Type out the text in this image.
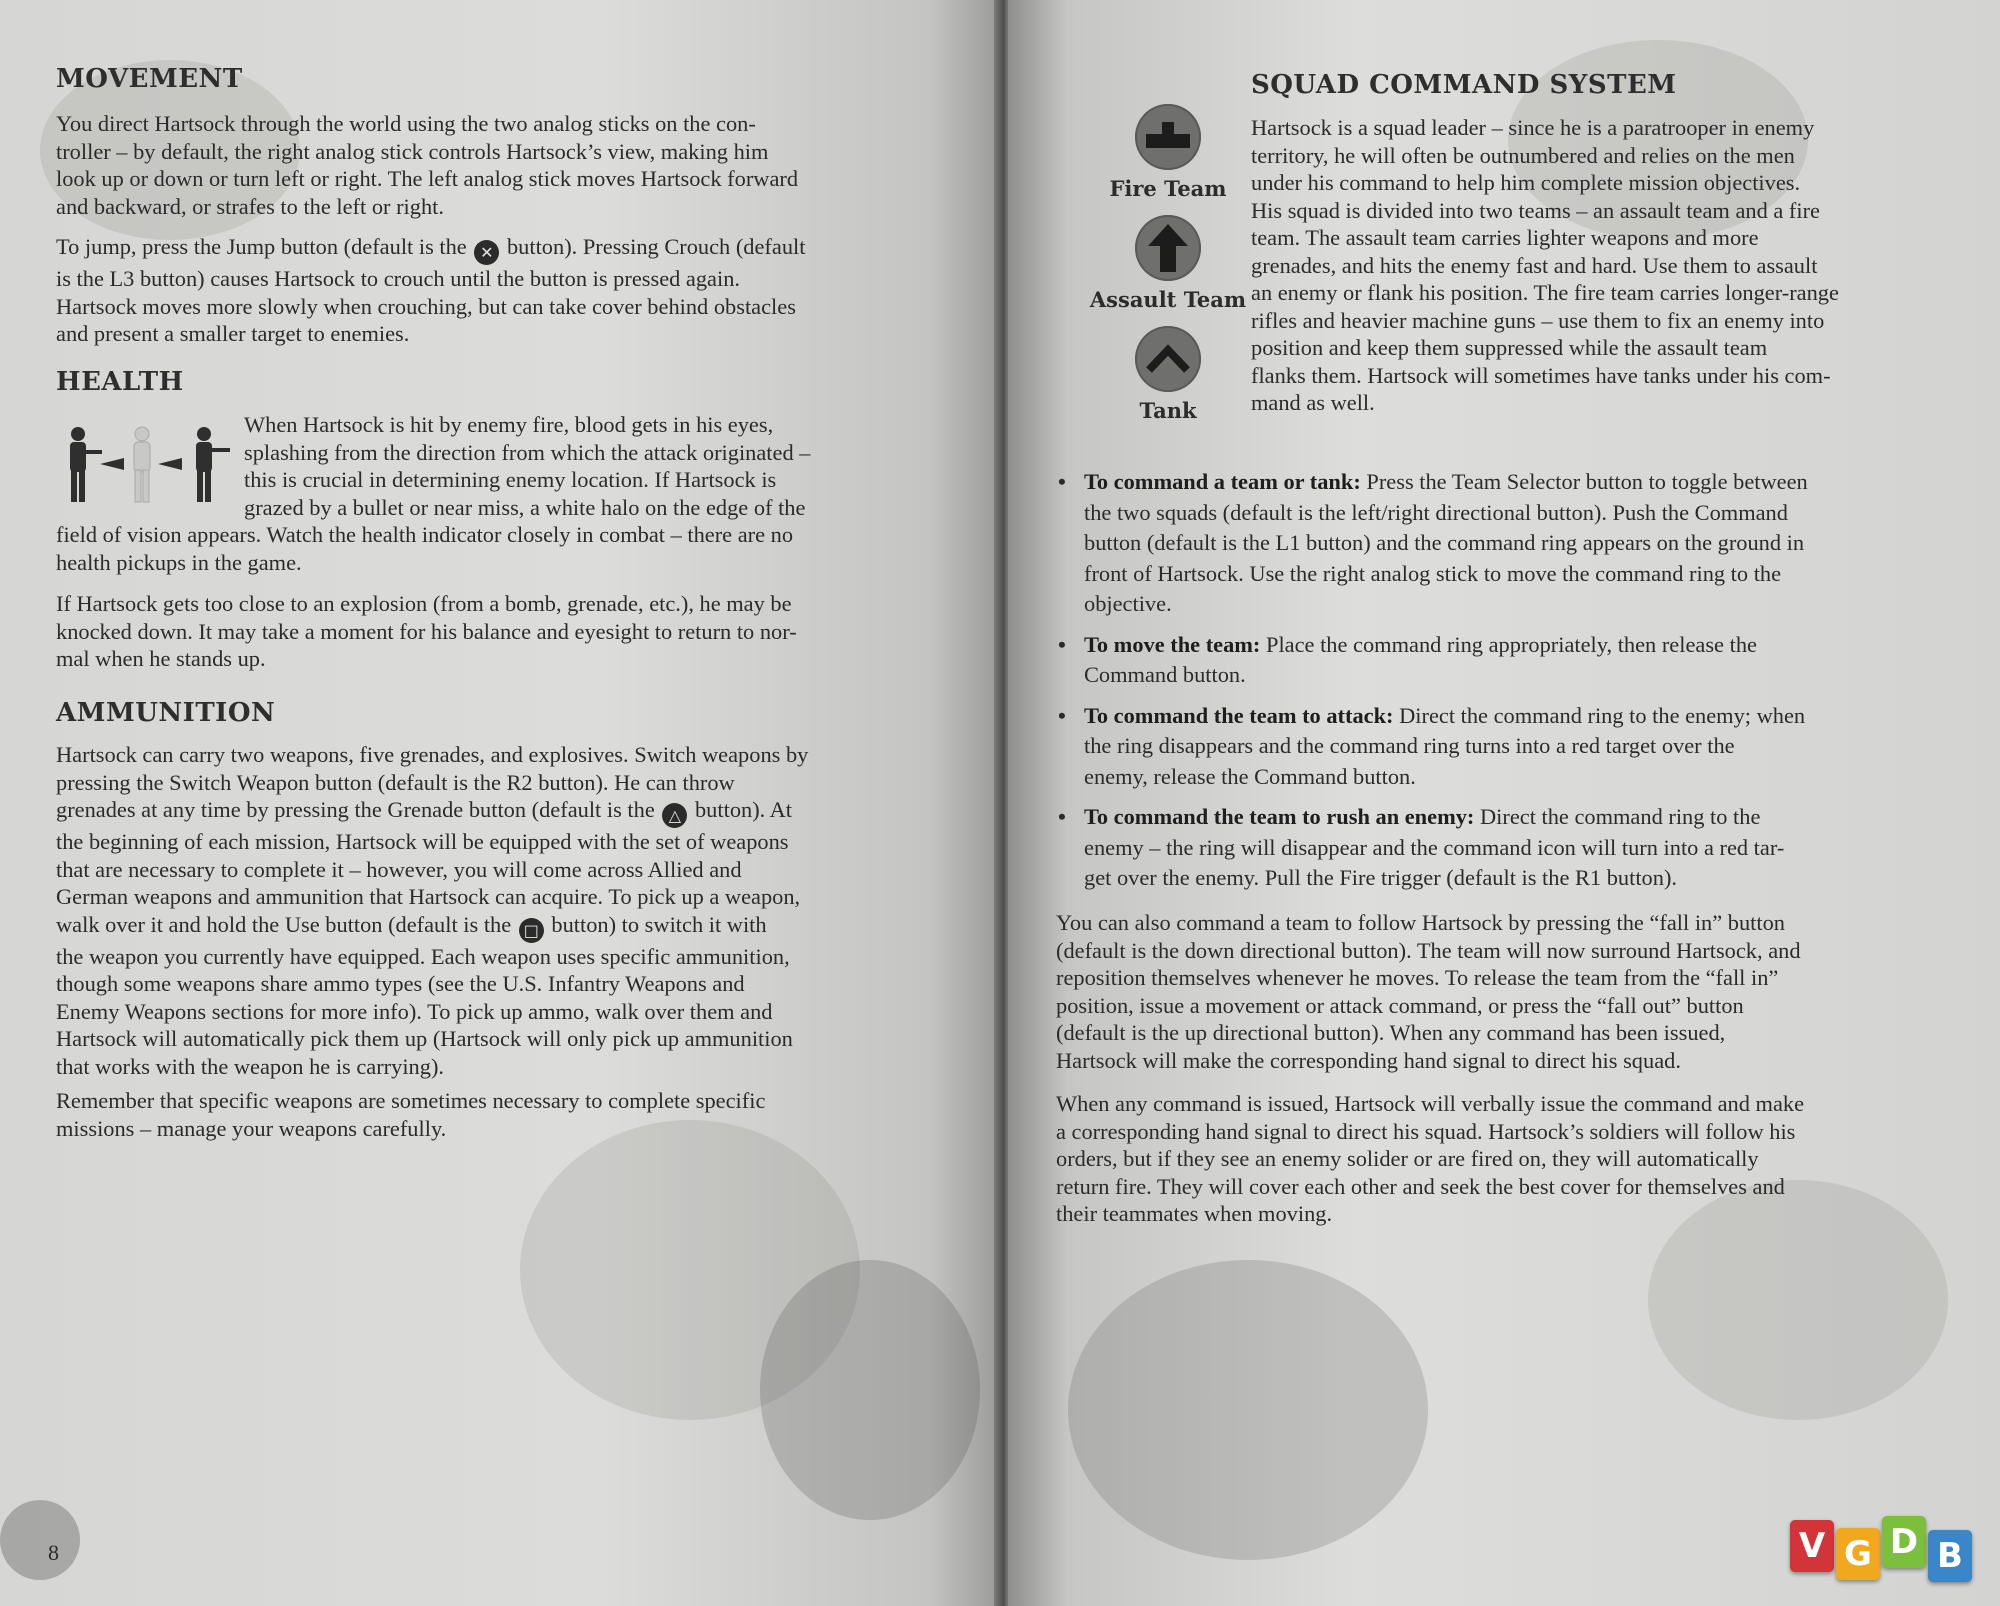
MOVEMENT

You direct Hartsock through the world using the two analog sticks on the con-
troller – by default, the right analog stick controls Hartsock’s view, making him
look up or down or turn left or right. The left analog stick moves Hartsock forward
and backward, or strafes to the left or right.

To jump, press the Jump button (default is the ✕ button). Pressing Crouch (default
is the L3 button) causes Hartsock to crouch until the button is pressed again.
Hartsock moves more slowly when crouching, but can take cover behind obstacles
and present a smaller target to enemies.

HEALTH

When Hartsock is hit by enemy fire, blood gets in his eyes,
splashing from the direction from which the attack originated –
this is crucial in determining enemy location. If Hartsock is
grazed by a bullet or near miss, a white halo on the edge of the

field of vision appears. Watch the health indicator closely in combat – there are no
health pickups in the game.

If Hartsock gets too close to an explosion (from a bomb, grenade, etc.), he may be
knocked down. It may take a moment for his balance and eyesight to return to nor-
mal when he stands up.

AMMUNITION

Hartsock can carry two weapons, five grenades, and explosives. Switch weapons by
pressing the Switch Weapon button (default is the R2 button). He can throw
grenades at any time by pressing the Grenade button (default is the △ button). At
the beginning of each mission, Hartsock will be equipped with the set of weapons
that are necessary to complete it – however, you will come across Allied and
German weapons and ammunition that Hartsock can acquire. To pick up a weapon,
walk over it and hold the Use button (default is the □ button) to switch it with
the weapon you currently have equipped. Each weapon uses specific ammunition,
though some weapons share ammo types (see the U.S. Infantry Weapons and
Enemy Weapons sections for more info). To pick up ammo, walk over them and
Hartsock will automatically pick them up (Hartsock will only pick up ammunition
that works with the weapon he is carrying).

Remember that specific weapons are sometimes necessary to complete specific
missions – manage your weapons carefully.

8
SQUAD COMMAND SYSTEM
Fire Team
Assault Team
Tank

Hartsock is a squad leader – since he is a paratrooper in enemy
territory, he will often be outnumbered and relies on the men
under his command to help him complete mission objectives.
His squad is divided into two teams – an assault team and a fire
team. The assault team carries lighter weapons and more
grenades, and hits the enemy fast and hard. Use them to assault
an enemy or flank his position. The fire team carries longer-range
rifles and heavier machine guns – use them to fix an enemy into
position and keep them suppressed while the assault team
flanks them. Hartsock will sometimes have tanks under his com-
mand as well.

• To command a team or tank: Press the Team Selector button to toggle between
the two squads (default is the left/right directional button). Push the Command
button (default is the L1 button) and the command ring appears on the ground in
front of Hartsock. Use the right analog stick to move the command ring to the
objective.
• To move the team: Place the command ring appropriately, then release the
Command button.
• To command the team to attack: Direct the command ring to the enemy; when
the ring disappears and the command ring turns into a red target over the
enemy, release the Command button.
• To command the team to rush an enemy: Direct the command ring to the
enemy – the ring will disappear and the command icon will turn into a red tar-
get over the enemy. Pull the Fire trigger (default is the R1 button).

You can also command a team to follow Hartsock by pressing the “fall in” button
(default is the down directional button). The team will now surround Hartsock, and
reposition themselves whenever he moves. To release the team from the “fall in”
position, issue a movement or attack command, or press the “fall out” button
(default is the up directional button). When any command has been issued,
Hartsock will make the corresponding hand signal to direct his squad.

When any command is issued, Hartsock will verbally issue the command and make
a corresponding hand signal to direct his squad. Hartsock’s soldiers will follow his
orders, but if they see an enemy solider or are fired on, they will automatically
return fire. They will cover each other and seek the best cover for themselves and
their teammates when moving.

V G D B
